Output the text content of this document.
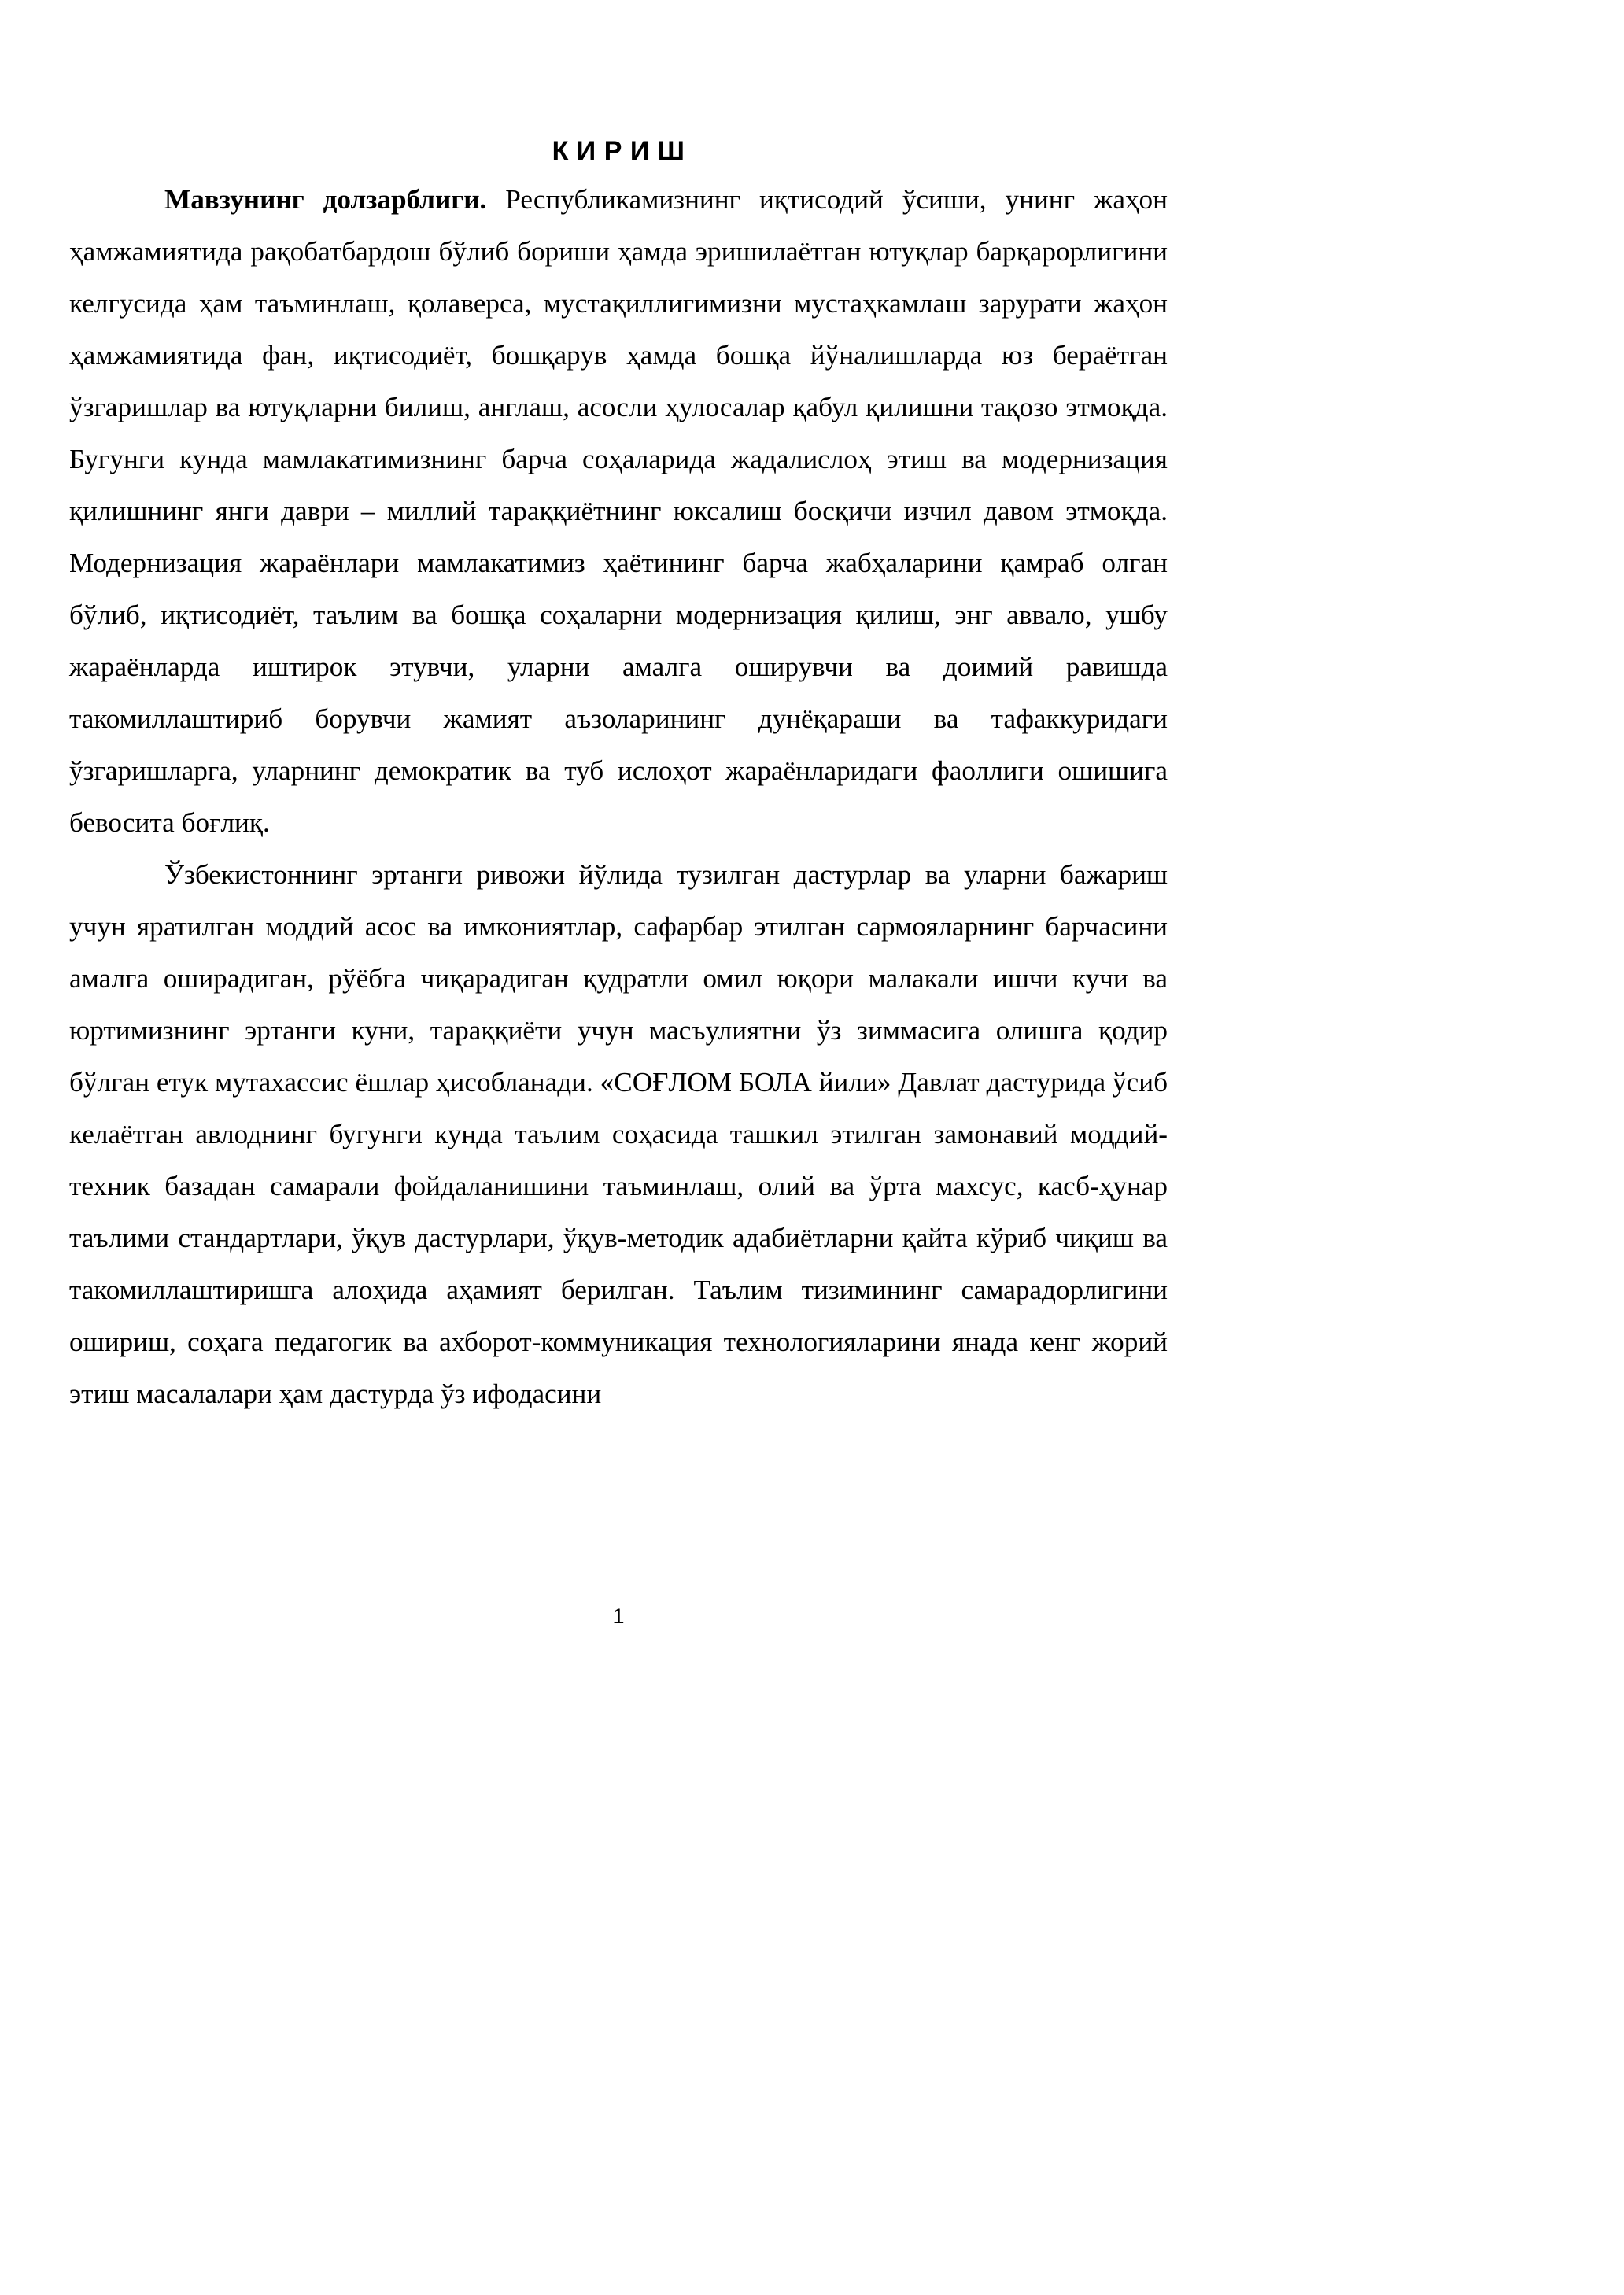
К И Р И Ш

Мавзунинг долзарблиги. Республикамизнинг иқтисодий ўсиши, унинг жаҳон ҳамжамиятида рақобатбардош бўлиб бориши ҳамда эришилаётган ютуқлар барқарорлигини келгусида ҳам таъминлаш, қолаверса, мустақиллигимизни мустаҳкамлаш зарурати жаҳон ҳамжамиятида фан, иқтисодиёт, бошқарув ҳамда бошқа йўналишларда юз бераётган ўзгаришлар ва ютуқларни билиш, англаш, асосли ҳулосалар қабул қилишни тақозо этмоқда. Бугунги кунда мамлакатимизнинг барча соҳаларида жадалислоҳ этиш ва модернизация қилишнинг янги даври – миллий тараққиётнинг юксалиш босқичи изчил давом этмоқда. Модернизация жараёнлари мамлакатимиз ҳаётининг барча жабҳаларини қамраб олган бўлиб, иқтисодиёт, таълим ва бошқа соҳаларни модернизация қилиш, энг аввало, ушбу жараёнларда иштирок этувчи, уларни амалга оширувчи ва доимий равишда такомиллаштириб борувчи жамият аъзоларининг дунёқараши ва тафаккуридаги ўзгаришларга, уларнинг демократик ва туб ислоҳот жараёнларидаги фаоллиги ошишига бевосита боғлиқ.

Ўзбекистоннинг эртанги ривожи йўлида тузилган дастурлар ва уларни бажариш учун яратилган моддий асос ва имкониятлар, сафарбар этилган сармояларнинг барчасини амалга оширадиган, рўёбга чиқарадиган қудратли омил юқори малакали ишчи кучи ва юртимизнинг эртанги куни, тараққиёти учун масъулиятни ўз зиммасига олишга қодир бўлган етук мутахассис ёшлар ҳисобланади. «СОҒЛОМ БОЛА йили» Давлат дастурида ўсиб келаётган авлоднинг бугунги кунда таълим соҳасида ташкил этилган замонавий моддий-техник базадан самарали фойдаланишини таъминлаш, олий ва ўрта махсус, касб-ҳунар таълими стандартлари, ўқув дастурлари, ўқув-методик адабиётларни қайта кўриб чиқиш ва такомиллаштиришга алоҳида аҳамият берилган. Таълим тизимининг самарадорлигини ошириш, соҳага педагогик ва ахборот-коммуникация технологияларини янада кенг жорий этиш масалалари ҳам дастурда ўз ифодасини

1
